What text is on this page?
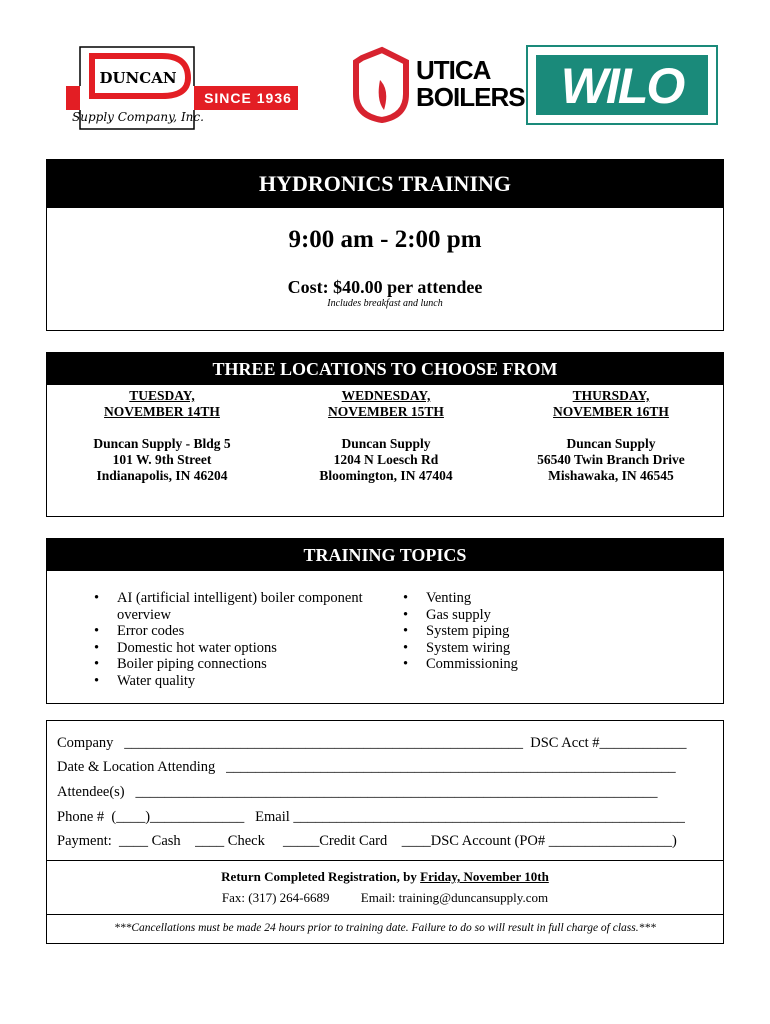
DUNCAN
Supply Company, Inc.
SINCE 1936
UTICA
BOILERS WILO
HYDRONICS TRAINING
9:00 am - 2:00 pm
Cost: $40.00 per attendee
Includes breakfast and lunch
THREE LOCATIONS TO CHOOSE FROM
TUESDAY,
NOVEMBER 14TH
Duncan Supply - Bldg 5
101 W. 9th Street
Indianapolis, IN 46204
WEDNESDAY,
NOVEMBER 15TH
Duncan Supply
1204 N Loesch Rd
Bloomington, IN 47404
THURSDAY,
NOVEMBER 16TH
Duncan Supply
56540 Twin Branch Drive
Mishawaka, IN 46545
TRAINING TOPICS
• AI (artificial intelligent) boiler component overview
• Error codes
• Domestic hot water options
• Boiler piping connections
• Water quality
• Venting
• Gas supply
• System piping
• System wiring
• Commissioning
Company   _______________________________________________________  DSC Acct #____________
Date & Location Attending   ______________________________________________________________
Attendee(s)   ________________________________________________________________________
Phone #  (____)_____________   Email ______________________________________________________
Payment:  ____ Cash    ____ Check     _____Credit Card    ____DSC Account (PO# _________________)
Return Completed Registration, by Friday, November 10th
Fax: (317) 264-6689 Email: training@duncansupply.com
***Cancellations must be made 24 hours prior to training date. Failure to do so will result in full charge of class.***
